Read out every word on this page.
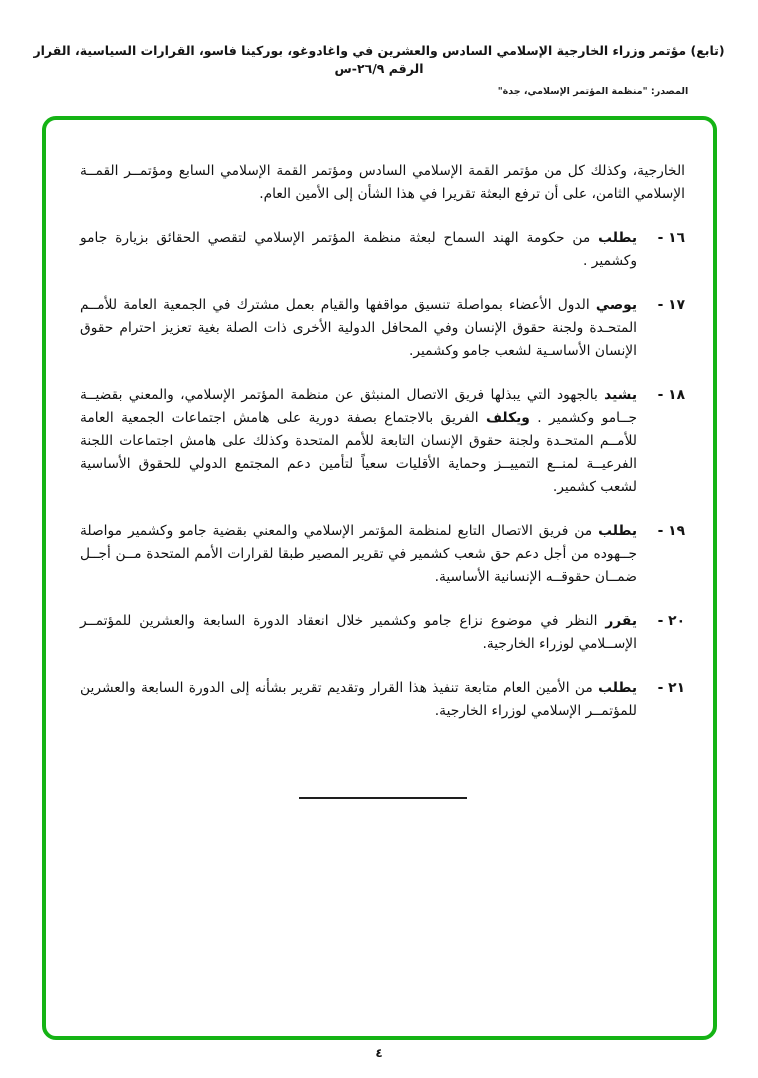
(تابع) مؤتمر وزراء الخارجية الإسلامي السادس والعشرين في واغادوغو، بوركينا فاسو، القرارات السياسية، القرار الرقم ٢٦/٩-س
المصدر: "منظمة المؤتمر الإسلامي، جدة"
الخارجية، وكذلك كل من مؤتمر القمة الإسلامي السادس ومؤتمر القمة الإسلامي السابع ومؤتمــر القمــة الإسلامي الثامن، على أن ترفع البعثة تقريرا في هذا الشأن إلى الأمين العام.
١٦ -
يطلب من حكومة الهند السماح لبعثة منظمة المؤتمر الإسلامي لتقصي الحقائق بزيارة جامو وكشمير .
١٧ -
يوصي الدول الأعضاء بمواصلة تنسيق مواقفها والقيام بعمل مشترك في الجمعية العامة للأمــم المتحـدة ولجنة حقوق الإنسان وفي المحافل الدولية الأخرى ذات الصلة بغية تعزيز احترام حقوق الإنسان الأساسـية لشعب جامو وكشمير.
١٨ -
يشيد بالجهود التي يبذلها فريق الاتصال المنبثق عن منظمة المؤتمر الإسلامي، والمعني بقضيــة جــامو وكشمير . ويكلف الفريق بالاجتماع بصفة دورية على هامش اجتماعات الجمعية العامة للأمــم المتحـدة ولجنة حقوق الإنسان التابعة للأمم المتحدة وكذلك على هامش اجتماعات اللجنة الفرعيــة لمنــع التمييــز وحماية الأقليات سعياً لتأمين دعم المجتمع الدولي للحقوق الأساسية لشعب كشمير.
١٩ -
يطلب من فريق الاتصال التابع لمنظمة المؤتمر الإسلامي والمعني بقضية جامو وكشمير مواصلة جــهوده من أجل دعم حق شعب كشمير في تقرير المصير طبقا لقرارات الأمم المتحدة مــن أجــل ضمــان حقوقــه الإنسانية الأساسية.
٢٠ -
يقرر النظر في موضوع نزاع جامو وكشمير خلال انعقاد الدورة السابعة والعشرين للمؤتمــر الإســلامي لوزراء الخارجية.
٢١ -
يطلب من الأمين العام متابعة تنفيذ هذا القرار وتقديم تقرير بشأنه إلى الدورة السابعة والعشرين للمؤتمــر الإسلامي لوزراء الخارجية.
٤
